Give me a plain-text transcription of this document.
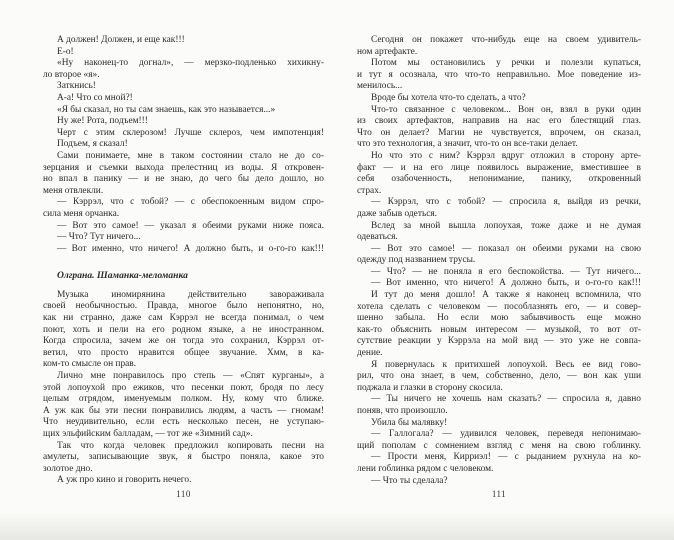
А должен! Должен, и еще как!!!
Е-о!
«Ну наконец-то догнал», — мерзко-подленько хихикну-
ло второе «я».
Заткнись!
А-а! Что со мной?!
«Я бы сказал, но ты сам знаешь, как это называется...»
Ну же! Рота, подъем!!!
Черт с этим склерозом! Лучше склероз, чем импотенция!
Подъем, я сказал!
Сами понимаете, мне в таком состоянии стало не до со-
зерцания и съемки выхода прелестниц из воды. Я откровен-
но впал в панику — и не знаю, до чего бы дело дошло, но
меня отвлекли.
— Кэррэл, что с тобой? — с обеспокоенным видом спро-
сила меня орчанка.
— Вот это самое! — указал я обеими руками ниже пояса.
— Что? Тут ничего...
— Вот именно, что ничего! А должно быть, и о-го-го как!!!
Олграна. Шаманка-меломанка
Музыка иномирянина действительно завораживала
своей необычностью. Правда, многое было непонятно, но,
как ни странно, даже сам Кэррэл не всегда понимал, о чем
поют, хоть и пели на его родном языке, а не иностранном.
Когда спросила, зачем же он тогда это сохранил, Кэррэл от-
ветил, что просто нравится общее звучание. Хмм, в ка-
ком-то смысле он прав.
Лично мне понравилось про степь — «Спят курганы», а
этой лопоухой про ежиков, что песенки поют, бродя по лесу
целым отрядом, именуемым полком. Ну, кому что ближе.
А уж как бы эти песни понравились людям, а часть — гномам!
Что неудивительно, если есть несколько песен, не уступаю-
щих эльфийским балладам, — тот же «Зимний сад».
Так что когда человек предложил копировать песни на
амулеты, записывающие звук, я быстро поняла, какое это
золотое дно.
А уж про кино и говорить нечего.
Сегодня он покажет что-нибудь еще на своем удивитель-
ном артефакте.
Потом мы остановились у речки и полезли купаться,
и тут я осознала, что что-то неправильно. Мое поведение из-
менилось...
Вроде бы хотела что-то сделать, а что?
Что-то связанное с человеком... Вон он, взял в руки один
из своих артефактов, направив на нас его блестящий глаз.
Что он делает? Магии не чувствуется, впрочем, он сказал,
что это технология, а значит, что-то он все-таки делает.
Но что это с ним? Кэррэл вдруг отложил в сторону арте-
факт — и на его лице появилось выражение, вместившее в
себя озабоченность, непонимание, панику, откровенный
страх.
— Кэррэл, что с тобой? — спросила я, выйдя из речки,
даже забыв одеться.
Вслед за мной вышла лопоухая, тоже даже и не думая
одеваться.
— Вот это самое! — показал он обеими руками на свою
одежду под названием трусы.
— Что? — не поняла я его беспокойства. — Тут ничего...
— Вот именно, что ничего! А должно быть, и о-го-го как!!!
И тут до меня дошло! А также я наконец вспомнила, что
хотела сделать с человеком — пособлазнять его, — и совер-
шенно забыла. Но если мою забывчивость еще можно
как-то объяснить новым интересом — музыкой, то вот от-
сутствие реакции у Кэррэла на мой вид — это уже не совпа-
дение.
Я повернулась к притихшей лопоухой. Весь ее вид гово-
рил, что она знает, в чем, собственно, дело, — вон как уши
поджала и глазки в сторону скосила.
— Ты ничего не хочешь нам сказать? — спросила я, давно
поняв, что произошло.
Убила бы малявку!
— Галлогала? — удивился человек, переведя непонимаю-
щий пополам с сомнением взгляд с меня на свою гоблинку.
— Прости меня, Кирриэл! — с рыданием рухнула на ко-
лени гоблинка рядом с человеком.
— Что ты сделала?
110	111
